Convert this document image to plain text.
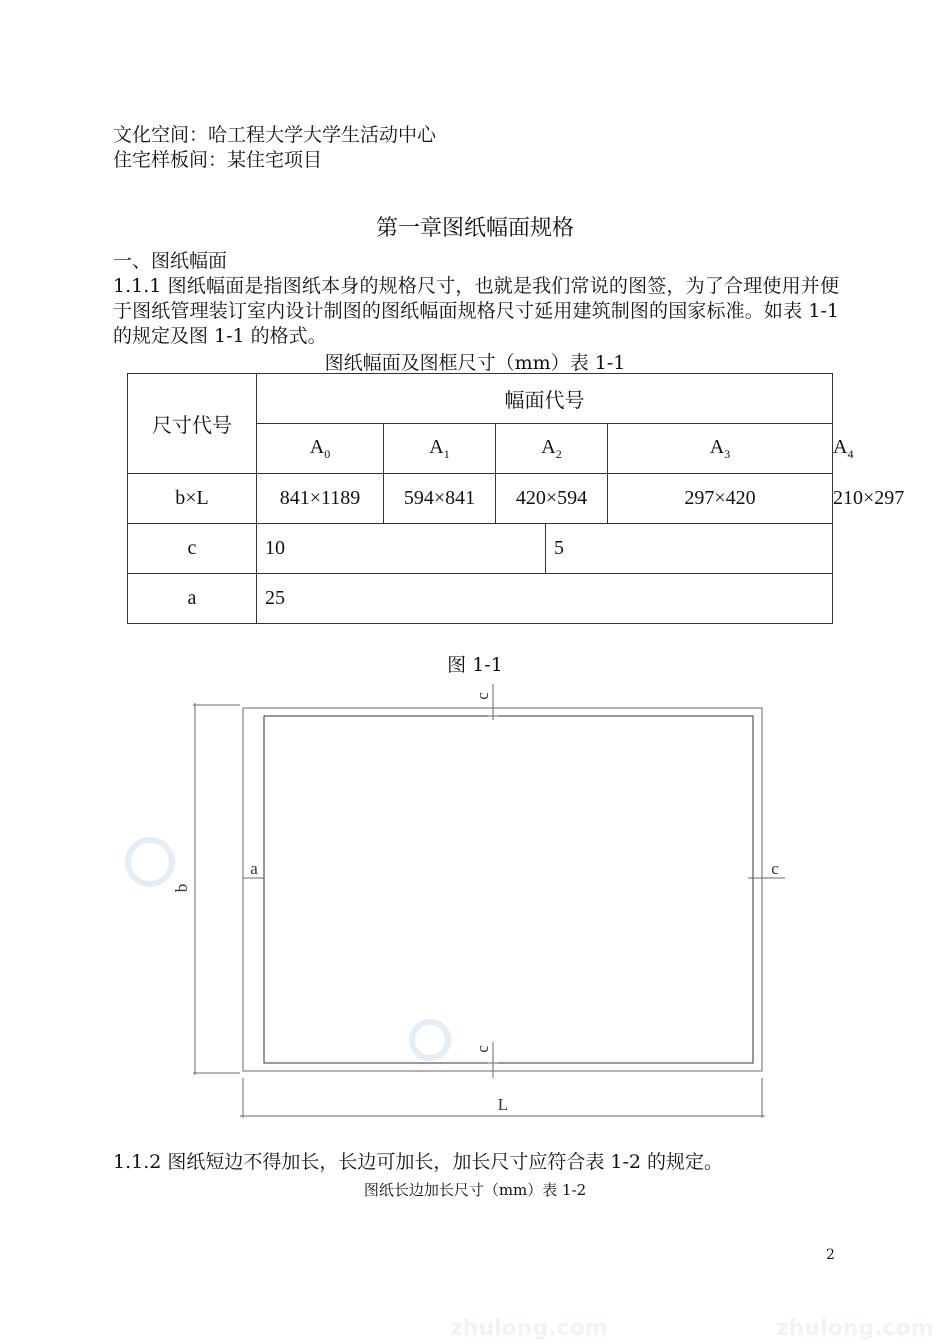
文化空间：哈工程大学大学生活动中心
住宅样板间：某住宅项目
第一章图纸幅面规格
一、图纸幅面
1.1.1 图纸幅面是指图纸本身的规格尺寸，也就是我们常说的图签，为了合理使用并便于图纸管理装订室内设计制图的图纸幅面规格尺寸延用建筑制图的国家标准。如表 1-1 的规定及图 1-1 的格式。
图纸幅面及图框尺寸（mm）表 1-1
尺寸代号	幅面代号					
	$A_0$	$A_1$	$A_2$		$A_3$	$A_4$
b×L	841×1189	594×841	420×594		297×420	210×297
c	10			5		
a	25					
图 1-1
c
c
a	c
b
L
1.1.2 图纸短边不得加长，长边可加长，加长尺寸应符合表 1-2 的规定。
图纸长边加长尺寸（mm）表 1-2
2
zhulong.com	zhulong.com
